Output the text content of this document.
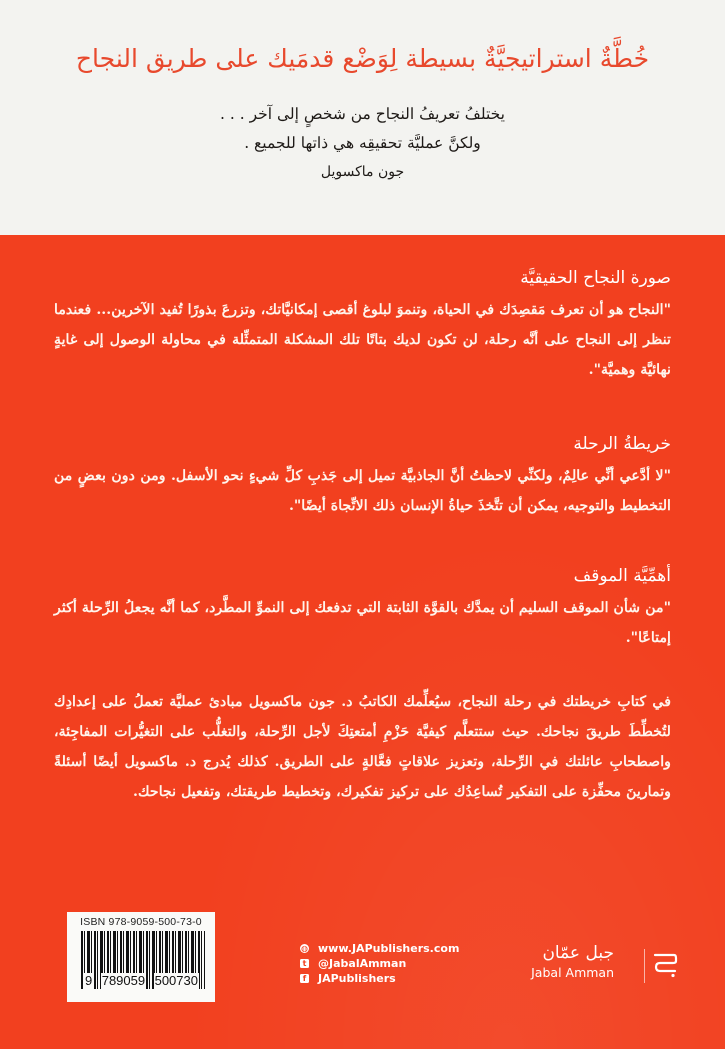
خُطَّةٌ استراتيجيَّةٌ بسيطة لِوَضْع قدمَيك على طريق النجاح
يختلفُ تعريفُ النجاح من شخصٍ إلى آخر . . .
ولكنَّ عمليَّة تحقيقِه هي ذاتها للجميع .
جون ماكسويل
صورة النجاح الحقيقيَّة

"النجاح هو أن تعرف مَقصِدَك في الحياة، وتنموَ لبلوغ أقصى إمكانيَّاتك، وتزرعَ بذورًا تُفيد الآخرين... فعندما تنظر إلى النجاح على أنَّه رحلة، لن تكون لديك بتاتًا تلك المشكلة المتمثِّلة في محاولة الوصول إلى غايةٍ نهائيَّة وهميَّة".

خريطةُ الرحلة

"لا أدَّعي أنِّي عالِمٌ، ولكنِّي لاحظتُ أنَّ الجاذبيَّة تميل إلى جَذبِ كلِّ شيءٍ نحو الأسفل. ومن دون بعضٍ من التخطيط والتوجيه، يمكن أن تتَّخذَ حياةُ الإنسان ذلك الاتِّجاهَ أيضًا".

أهمِّيَّة الموقف

"من شأن الموقف السليم أن يمدَّك بالقوَّة الثابتة التي تدفعك إلى النموِّ المطَّرد، كما أنَّه يجعلُ الرِّحلة أكثر إمتاعًا".

في كتابِ خريطتك في رحلة النجاح، سيُعلِّمك الكاتبُ د. جون ماكسويل مبادئ عمليَّة تعملُ على إعدادِك لتُخطِّطَ طريقَ نجاحك. حيث ستتعلَّم كيفيَّة حَزْمِ أمتعتِكَ لأجل الرِّحلة، والتغلُّب على التغيُّرات المفاجِئة، واصطحابِ عائلتك في الرِّحلة، وتعزيز علاقاتٍ فعَّالةٍ على الطريق. كذلك يُدرج د. ماكسويل أيضًا أسئلةً وتمارينَ محفِّزة على التفكير تُساعِدُك على تركيز تفكيرك، وتخطيط طريقتك، وتفعيل نجاحك.

ISBN 978-9059-500-73-0
9 789059 500730
◍ www.JAPublishers.com
t @JabalAmman
f JAPublishers
جبل عمّان
Jabal Amman
